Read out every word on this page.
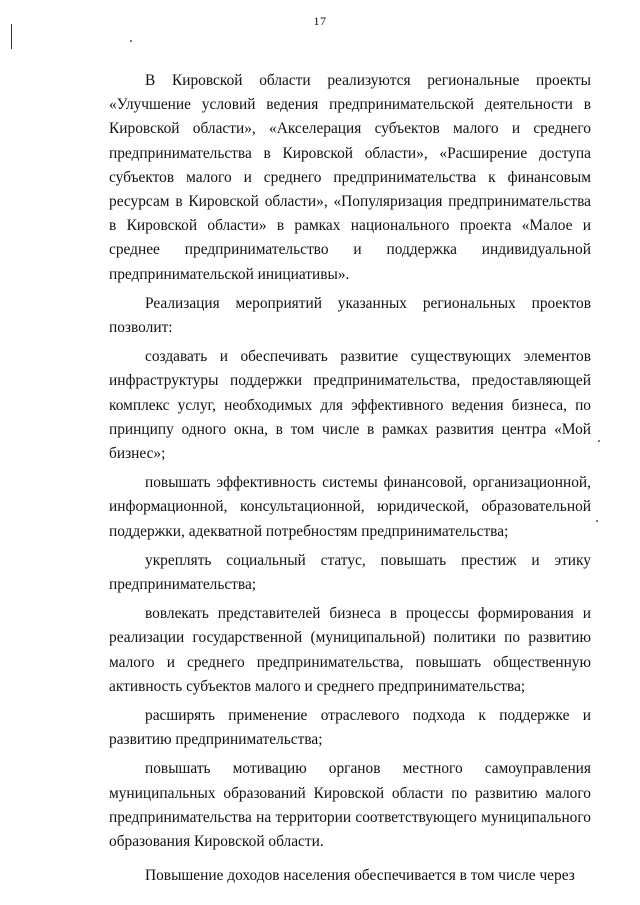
17

В Кировской области реализуются региональные проекты «Улучшение условий ведения предпринимательской деятельности в Кировской области», «Акселерация субъектов малого и среднего предпринимательства в Кировской области», «Расширение доступа субъектов малого и среднего предпринимательства к финансовым ресурсам в Кировской области», «Популяризация предпринимательства в Кировской области» в рамках национального проекта «Малое и среднее предпринимательство и поддержка индивидуальной предпринимательской инициативы».

Реализация мероприятий указанных региональных проектов позволит:

создавать и обеспечивать развитие существующих элементов инфраструктуры поддержки предпринимательства, предоставляющей комплекс услуг, необходимых для эффективного ведения бизнеса, по принципу одного окна, в том числе в рамках развития центра «Мой бизнес»;

повышать эффективность системы финансовой, организационной, информационной, консультационной, юридической, образовательной поддержки, адекватной потребностям предпринимательства;

укреплять социальный статус, повышать престиж и этику предпринимательства;

вовлекать представителей бизнеса в процессы формирования и реализации государственной (муниципальной) политики по развитию малого и среднего предпринимательства, повышать общественную активность субъектов малого и среднего предпринимательства;

расширять применение отраслевого подхода к поддержке и развитию предпринимательства;

повышать мотивацию органов местного самоуправления муниципальных образований Кировской области по развитию малого предпринимательства на территории соответствующего муниципального образования Кировской области.

Повышение доходов населения обеспечивается в том числе через
